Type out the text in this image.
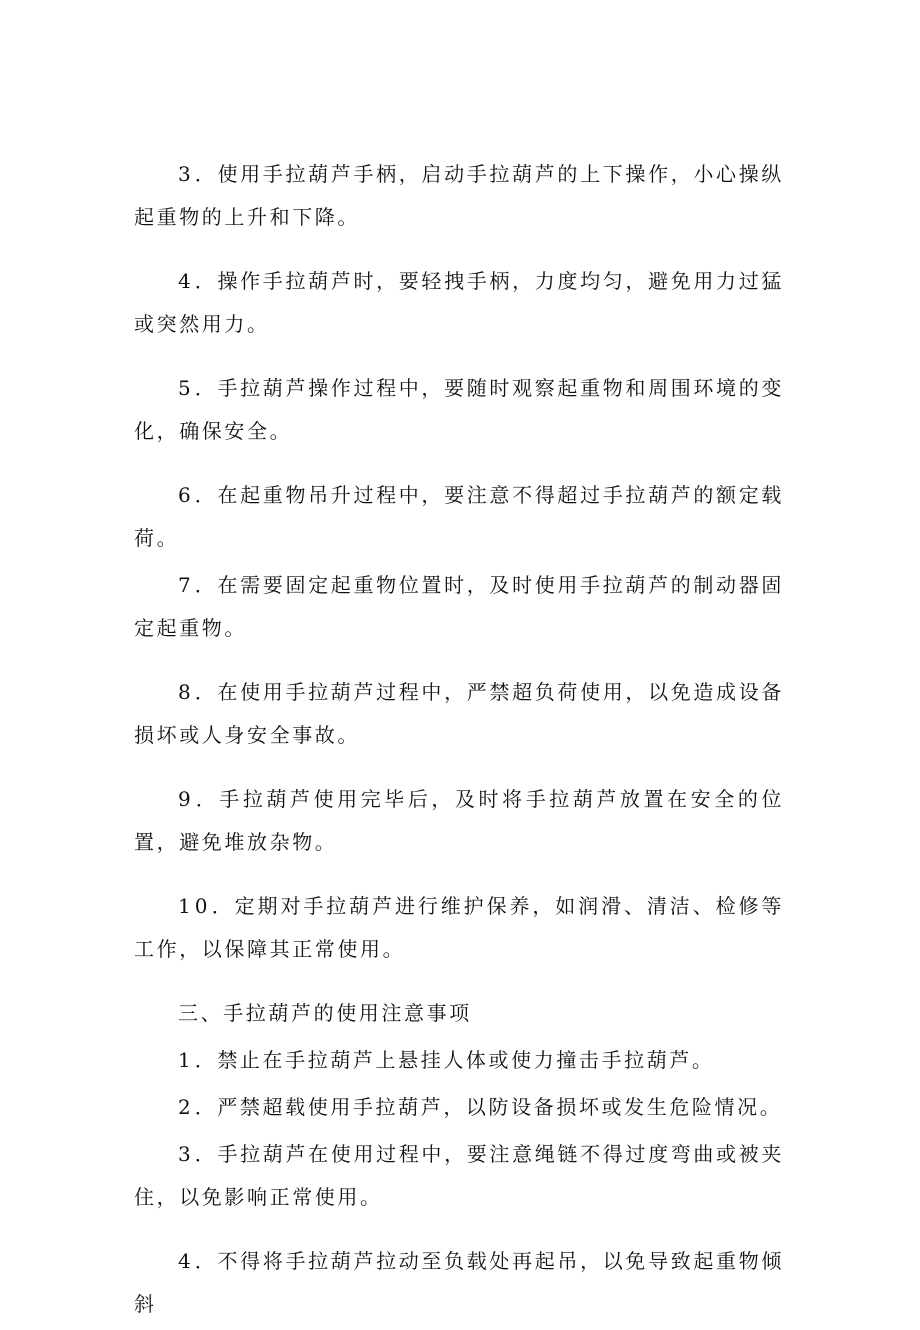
3．使用手拉葫芦手柄，启动手拉葫芦的上下操作，小心操纵起重物的上升和下降。

4．操作手拉葫芦时，要轻拽手柄，力度均匀，避免用力过猛或突然用力。

5．手拉葫芦操作过程中，要随时观察起重物和周围环境的变化，确保安全。

6．在起重物吊升过程中，要注意不得超过手拉葫芦的额定载荷。

7．在需要固定起重物位置时，及时使用手拉葫芦的制动器固定起重物。

8．在使用手拉葫芦过程中，严禁超负荷使用，以免造成设备损坏或人身安全事故。

9．手拉葫芦使用完毕后，及时将手拉葫芦放置在安全的位置，避免堆放杂物。

10．定期对手拉葫芦进行维护保养，如润滑、清洁、检修等工作，以保障其正常使用。

三、手拉葫芦的使用注意事项

1．禁止在手拉葫芦上悬挂人体或使力撞击手拉葫芦。

2．严禁超载使用手拉葫芦，以防设备损坏或发生危险情况。

3．手拉葫芦在使用过程中，要注意绳链不得过度弯曲或被夹住，以免影响正常使用。

4．不得将手拉葫芦拉动至负载处再起吊，以免导致起重物倾斜
